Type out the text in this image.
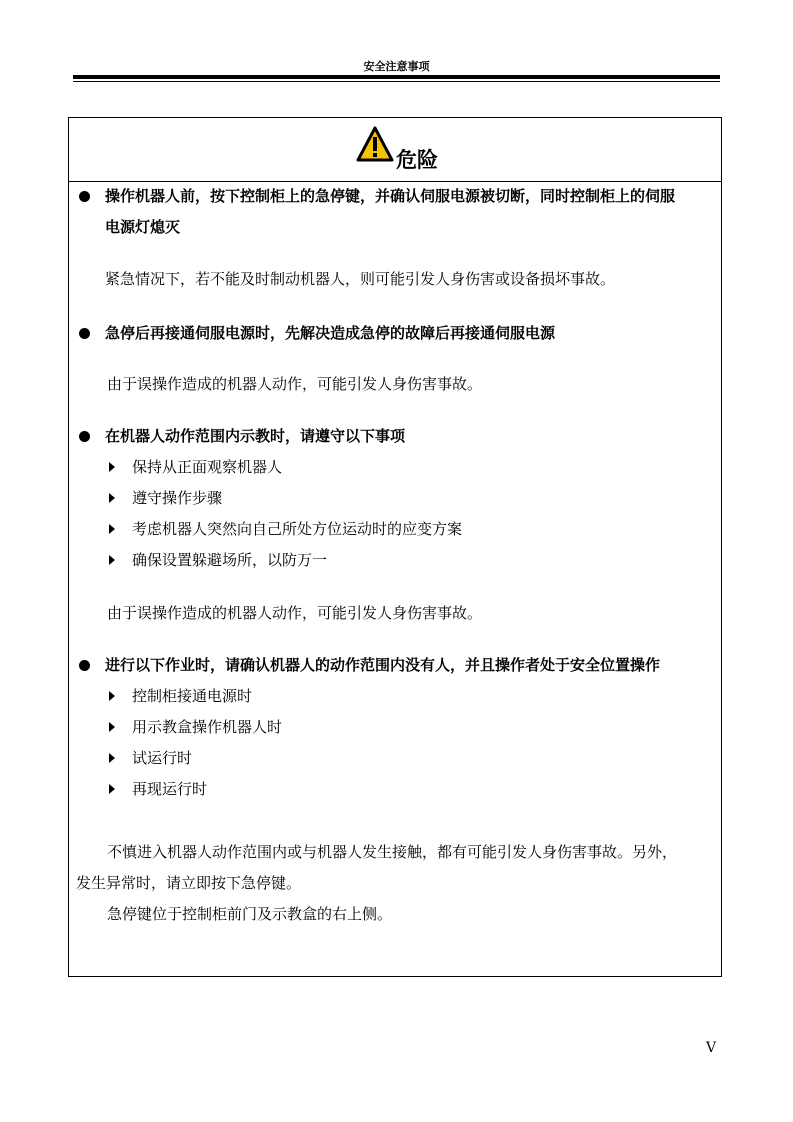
安全注意事项
危险
操作机器人前，按下控制柜上的急停键，并确认伺服电源被切断，同时控制柜上的伺服
电源灯熄灭
紧急情况下，若不能及时制动机器人，则可能引发人身伤害或设备损坏事故。
急停后再接通伺服电源时，先解决造成急停的故障后再接通伺服电源
由于误操作造成的机器人动作，可能引发人身伤害事故。
在机器人动作范围内示教时，请遵守以下事项
保持从正面观察机器人
遵守操作步骤
考虑机器人突然向自己所处方位运动时的应变方案
确保设置躲避场所，以防万一
由于误操作造成的机器人动作，可能引发人身伤害事故。
进行以下作业时，请确认机器人的动作范围内没有人，并且操作者处于安全位置操作
控制柜接通电源时
用示教盒操作机器人时
试运行时
再现运行时
不慎进入机器人动作范围内或与机器人发生接触，都有可能引发人身伤害事故。另外，
发生异常时，请立即按下急停键。
急停键位于控制柜前门及示教盒的右上侧。
V
